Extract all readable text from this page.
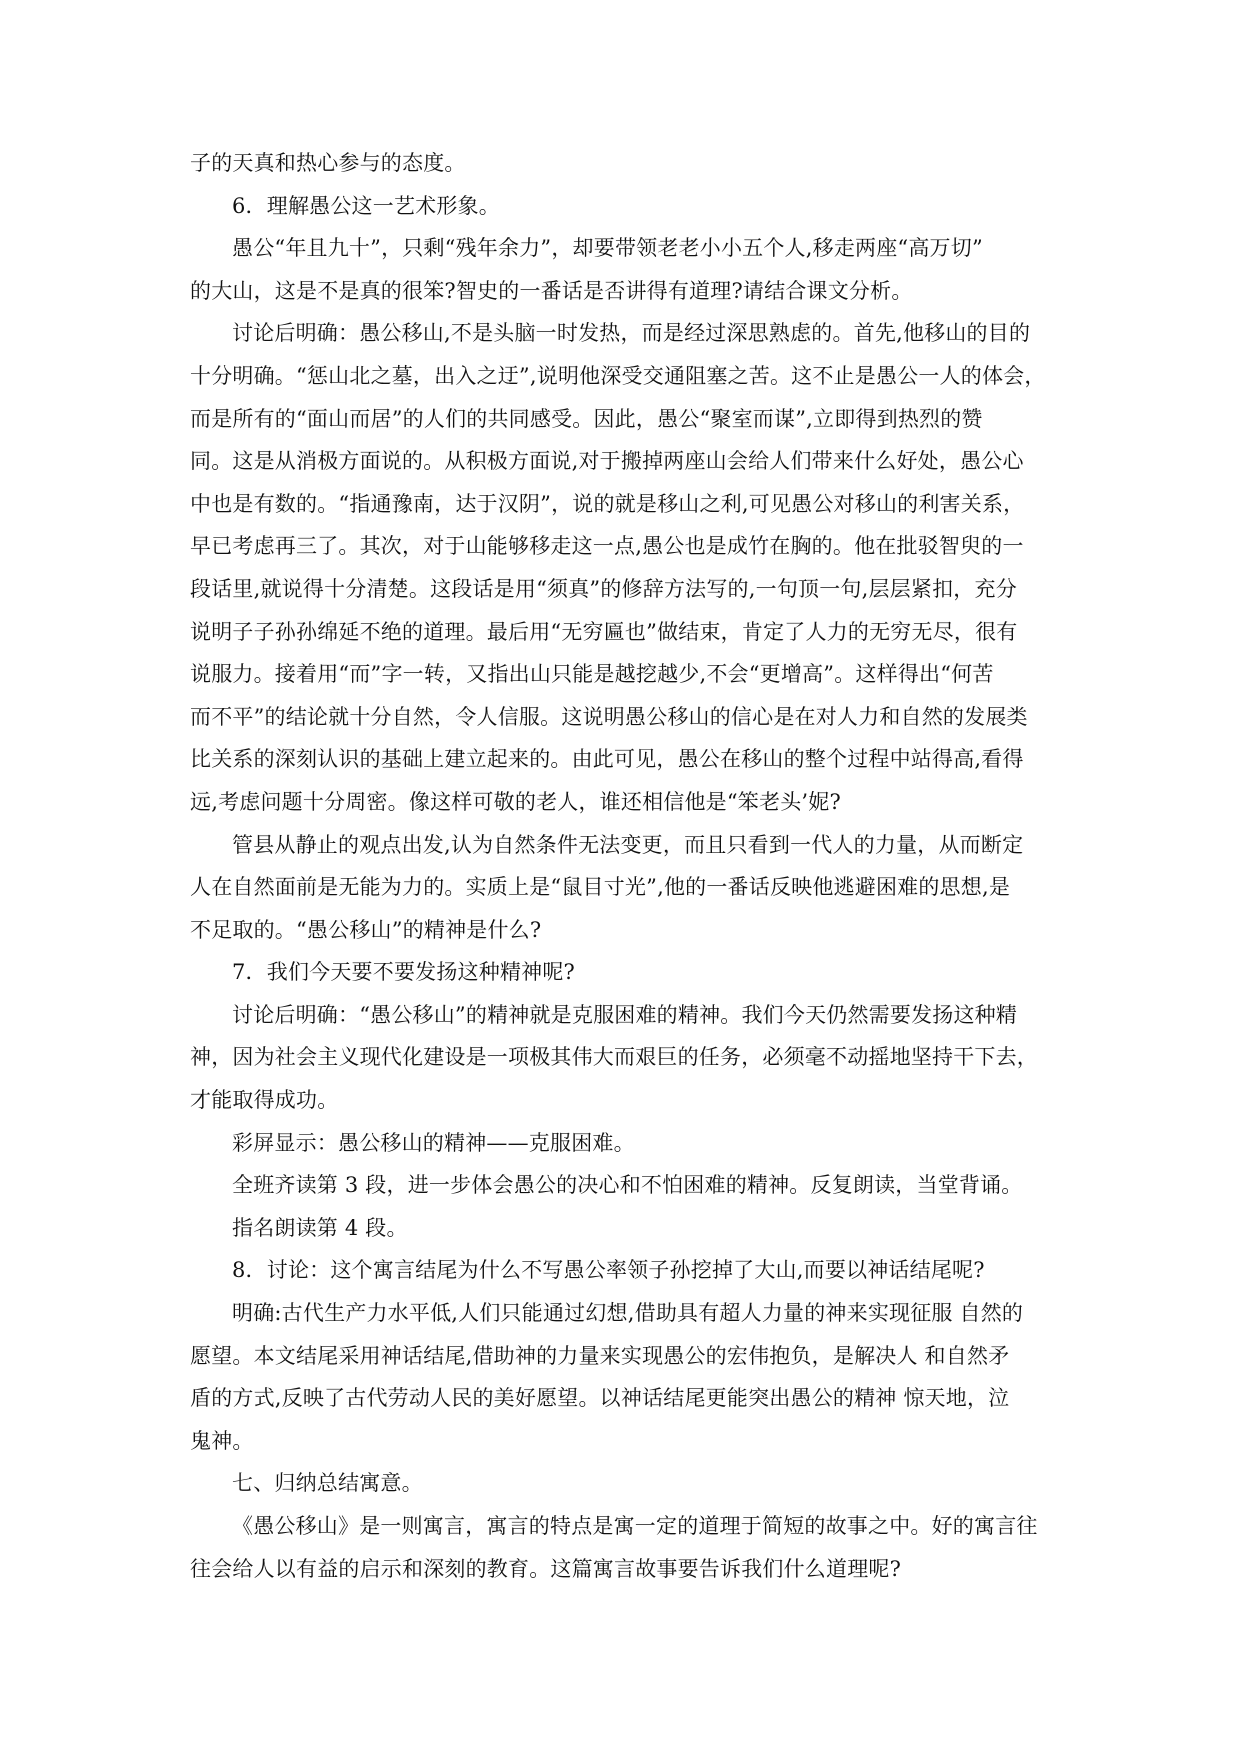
子的天真和热心参与的态度。
6．理解愚公这一艺术形象。
愚公“年且九十”，只剩“残年余力”，却要带领老老小小五个人,移走两座“高万切”
的大山，这是不是真的很笨?智史的一番话是否讲得有道理?请结合课文分析。
讨论后明确：愚公移山,不是头脑一时发热，而是经过深思熟虑的。首先,他移山的目的
十分明确。“惩山北之墓，出入之迂”,说明他深受交通阻塞之苦。这不止是愚公一人的体会，
而是所有的“面山而居”的人们的共同感受。因此，愚公“聚室而谋”,立即得到热烈的赞
同。这是从消极方面说的。从积极方面说,对于搬掉两座山会给人们带来什么好处，愚公心
中也是有数的。“指通豫南，达于汉阴”，说的就是移山之利,可见愚公对移山的利害关系，
早已考虑再三了。其次，对于山能够移走这一点,愚公也是成竹在胸的。他在批驳智臾的一
段话里,就说得十分清楚。这段话是用“须真”的修辞方法写的,一句顶一句,层层紧扣，充分
说明子子孙孙绵延不绝的道理。最后用“无穷匾也”做结束，肯定了人力的无穷无尽，很有
说服力。接着用“而”字一转，又指出山只能是越挖越少,不会“更增高”。这样得出“何苦
而不平”的结论就十分自然，令人信服。这说明愚公移山的信心是在对人力和自然的发展类
比关系的深刻认识的基础上建立起来的。由此可见，愚公在移山的整个过程中站得高,看得
远,考虑问题十分周密。像这样可敬的老人，谁还相信他是“笨老头’妮?
管县从静止的观点出发,认为自然条件无法变更，而且只看到一代人的力量，从而断定
人在自然面前是无能为力的。实质上是“鼠目寸光”,他的一番话反映他逃避困难的思想,是
不足取的。“愚公移山”的精神是什么?
7．我们今天要不要发扬这种精神呢?
讨论后明确：“愚公移山”的精神就是克服困难的精神。我们今天仍然需要发扬这种精
神，因为社会主义现代化建设是一项极其伟大而艰巨的任务，必须毫不动摇地坚持干下去，
才能取得成功。
彩屏显示：愚公移山的精神——克服困难。
全班齐读第 3 段，进一步体会愚公的决心和不怕困难的精神。反复朗读，当堂背诵。
指名朗读第 4 段。
8．讨论：这个寓言结尾为什么不写愚公率领子孙挖掉了大山,而要以神话结尾呢?
明确:古代生产力水平低,人们只能通过幻想,借助具有超人力量的神来实现征服 自然的
愿望。本文结尾采用神话结尾,借助神的力量来实现愚公的宏伟抱负，是解决人 和自然矛
盾的方式,反映了古代劳动人民的美好愿望。以神话结尾更能突出愚公的精神 惊天地，泣
鬼神。
七、归纳总结寓意。
《愚公移山》是一则寓言，寓言的特点是寓一定的道理于简短的故事之中。好的寓言往
往会给人以有益的启示和深刻的教育。这篇寓言故事要告诉我们什么道理呢?
